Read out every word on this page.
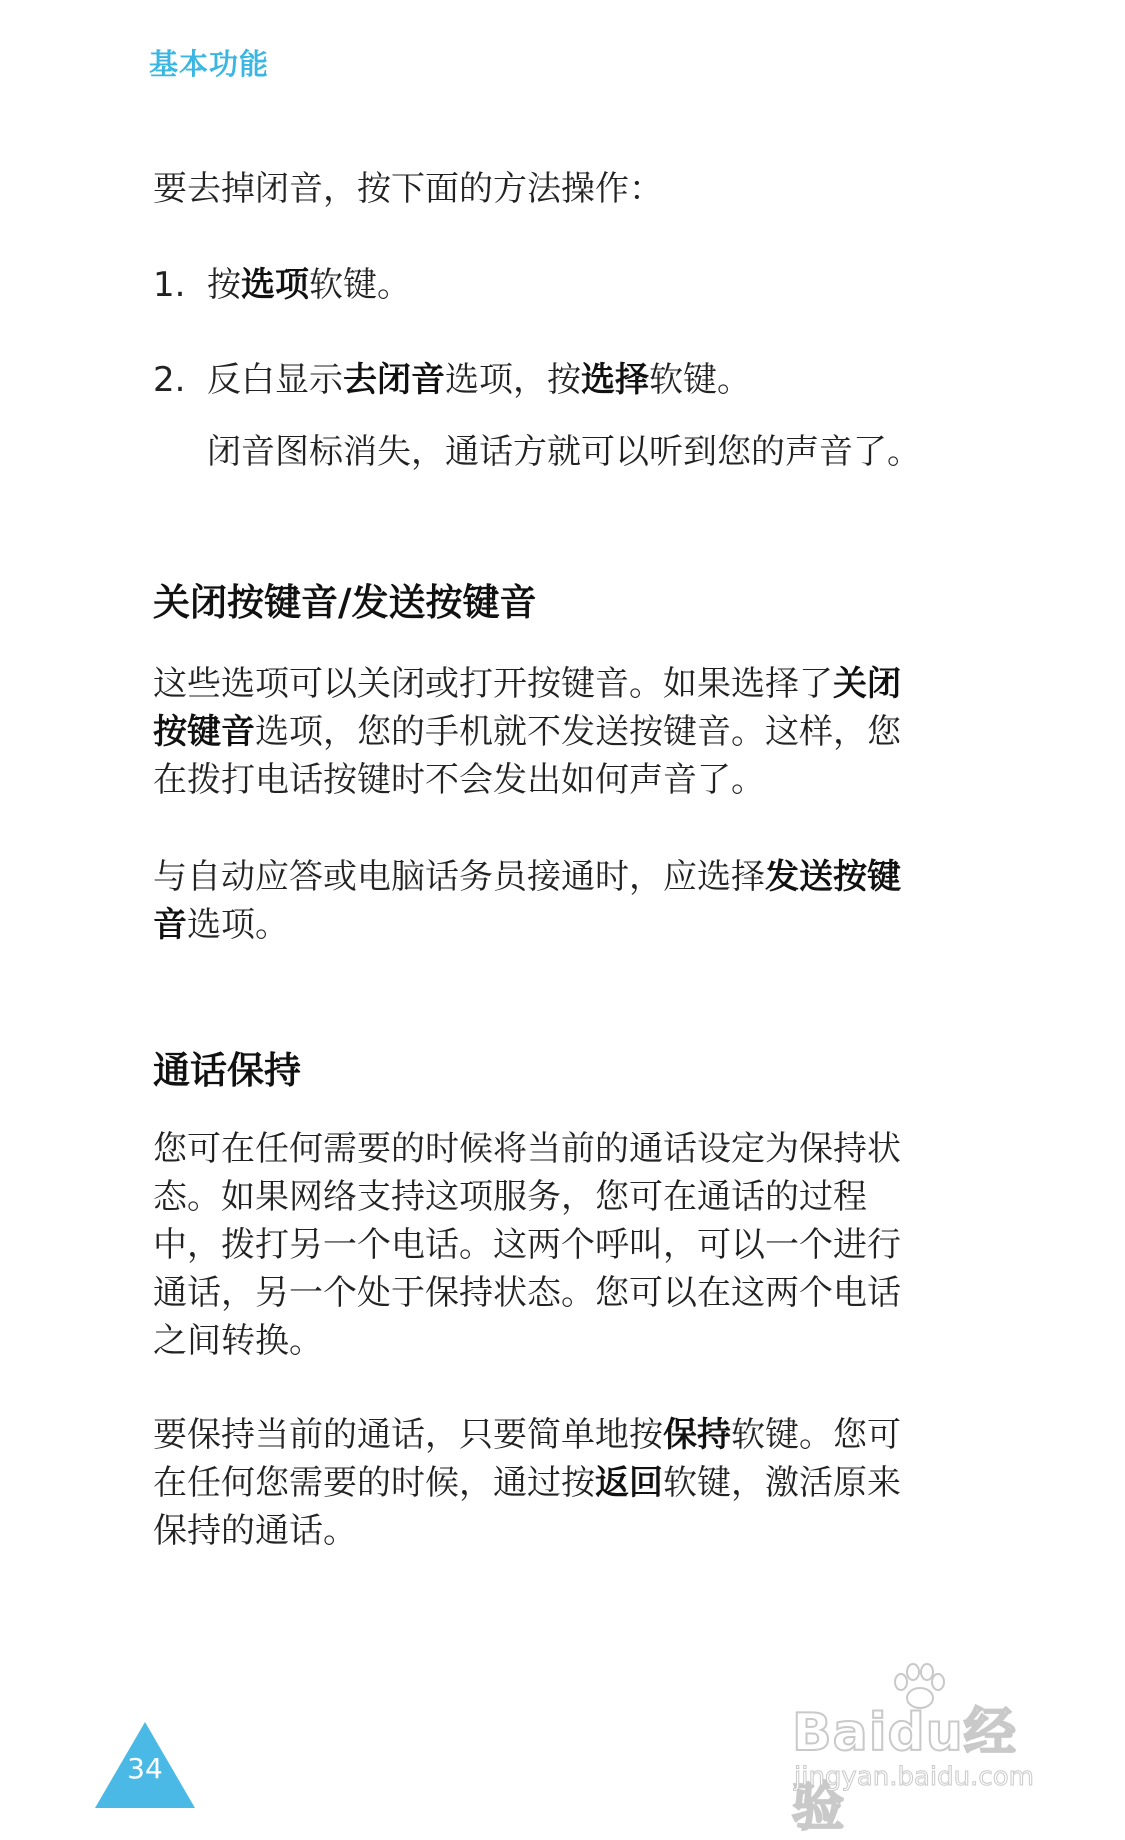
基本功能

要去掉闭音，按下面的方法操作：

1. 按选项软键。

2. 反白显示去闭音选项，按选择软键。

闭音图标消失，通话方就可以听到您的声音了。

关闭按键音/发送按键音

这些选项可以关闭或打开按键音。如果选择了关闭按键音选项，您的手机就不发送按键音。这样，您在拨打电话按键时不会发出如何声音了。

与自动应答或电脑话务员接通时，应选择发送按键音选项。

通话保持

您可在任何需要的时候将当前的通话设定为保持状态。如果网络支持这项服务，您可在通话的过程中，拨打另一个电话。这两个呼叫，可以一个进行通话，另一个处于保持状态。您可以在这两个电话之间转换。

要保持当前的通话，只要简单地按保持软键。您可在任何您需要的时候，通过按返回软键，激活原来保持的通话。

34
Baidu经验
jingyan.baidu.com
